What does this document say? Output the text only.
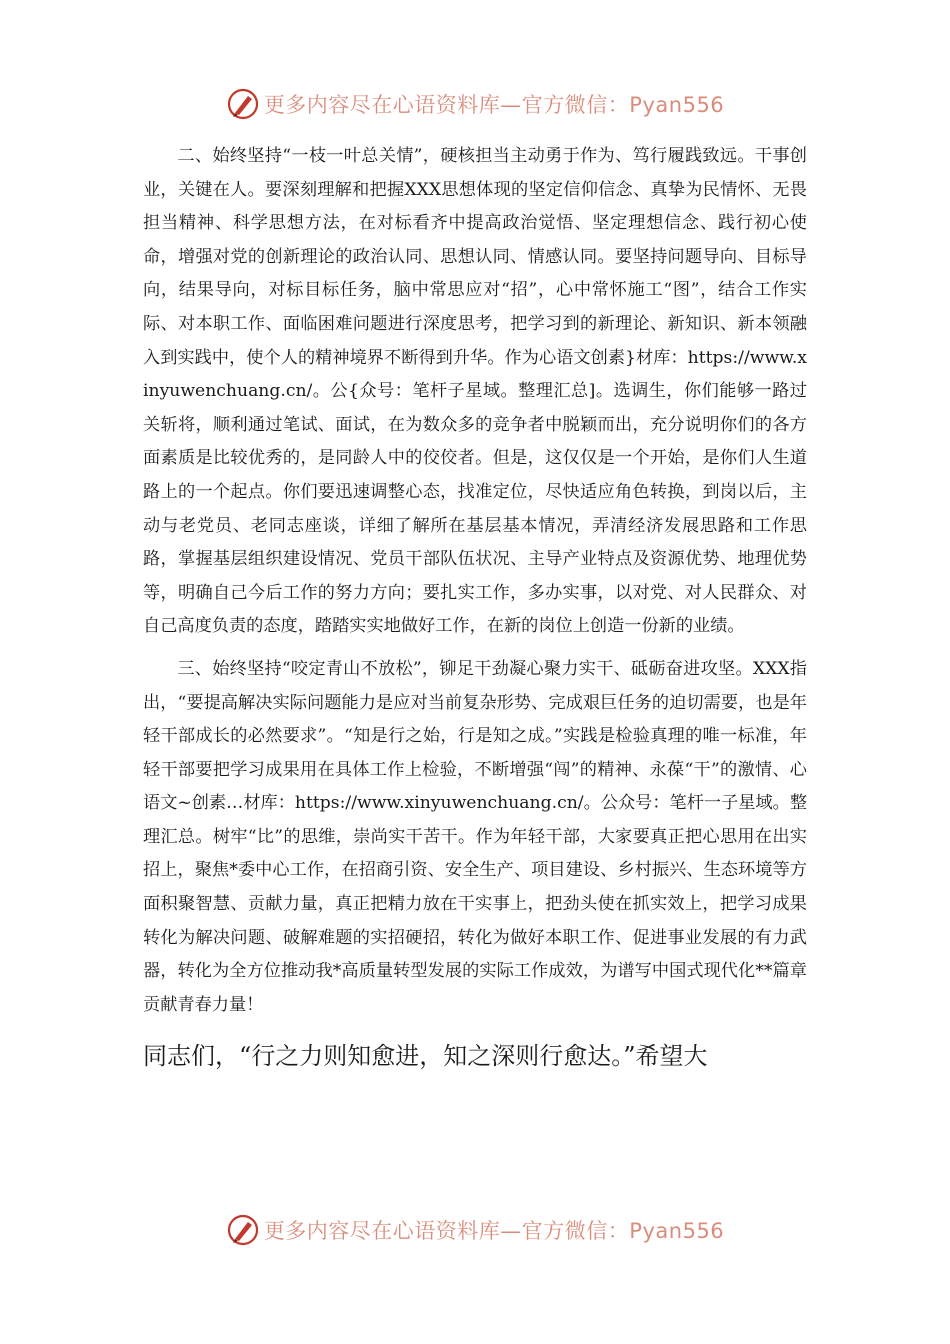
更多内容尽在心语资料库—官方微信：Pyan556

二、始终坚持“一枝一叶总关情”，硬核担当主动勇于作为、笃行履践致远。干事创业，关键在人。要深刻理解和把握XXX思想体现的坚定信仰信念、真挚为民情怀、无畏担当精神、科学思想方法，在对标看齐中提高政治觉悟、坚定理想信念、践行初心使命，增强对党的创新理论的政治认同、思想认同、情感认同。要坚持问题导向、目标导向，结果导向，对标目标任务，脑中常思应对“招”，心中常怀施工“图”，结合工作实际、对本职工作、面临困难问题进行深度思考，把学习到的新理论、新知识、新本领融入到实践中，使个人的精神境界不断得到升华。作为心语文创素}材库：https://www.xinyuwenchuang.cn/。公{众号：笔杆子星域。整理汇总]。选调生，你们能够一路过关斩将，顺利通过笔试、面试，在为数众多的竞争者中脱颖而出，充分说明你们的各方面素质是比较优秀的，是同龄人中的佼佼者。但是，这仅仅是一个开始，是你们人生道路上的一个起点。你们要迅速调整心态，找准定位，尽快适应角色转换，到岗以后，主动与老党员、老同志座谈，详细了解所在基层基本情况，弄清经济发展思路和工作思路，掌握基层组织建设情况、党员干部队伍状况、主导产业特点及资源优势、地理优势等，明确自己今后工作的努力方向；要扎实工作，多办实事，以对党、对人民群众、对自己高度负责的态度，踏踏实实地做好工作，在新的岗位上创造一份新的业绩。

三、始终坚持“咬定青山不放松”，铆足干劲凝心聚力实干、砥砺奋进攻坚。XXX指出，“要提高解决实际问题能力是应对当前复杂形势、完成艰巨任务的迫切需要，也是年轻干部成长的必然要求”。“知是行之始，行是知之成。”实践是检验真理的唯一标准，年轻干部要把学习成果用在具体工作上检验，不断增强“闯”的精神、永葆“干”的激情、心语文~创素…材库：https://www.xinyuwenchuang.cn/。公众号：笔杆一子星域。整理汇总。树牢“比”的思维，崇尚实干苦干。作为年轻干部，大家要真正把心思用在出实招上，聚焦*委中心工作，在招商引资、安全生产、项目建设、乡村振兴、生态环境等方面积聚智慧、贡献力量，真正把精力放在干实事上，把劲头使在抓实效上，把学习成果转化为解决问题、破解难题的实招硬招，转化为做好本职工作、促进事业发展的有力武器，转化为全方位推动我*高质量转型发展的实际工作成效，为谱写中国式现代化**篇章贡献青春力量！

同志们，“行之力则知愈进，知之深则行愈达。”希望大

更多内容尽在心语资料库—官方微信：Pyan556
